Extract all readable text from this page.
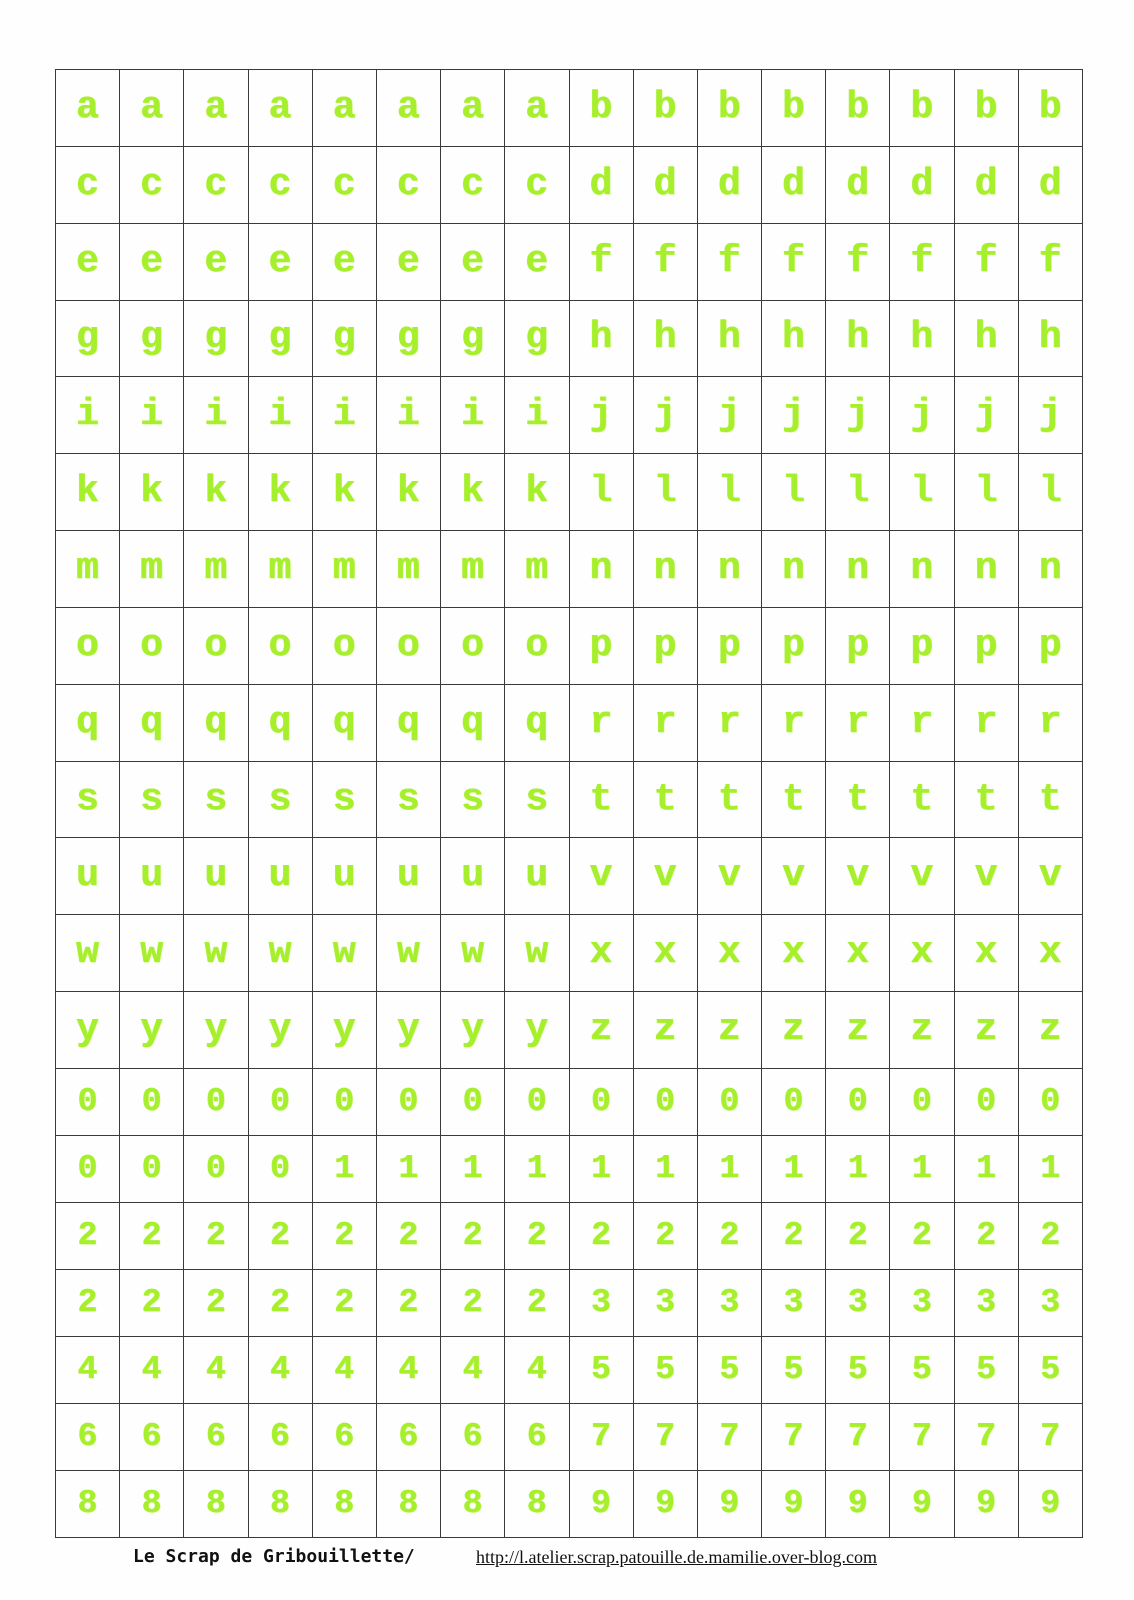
a	a	a	a	a	a	a	a	b	b	b	b	b	b	b	b
c	c	c	c	c	c	c	c	d	d	d	d	d	d	d	d
e	e	e	e	e	e	e	e	f	f	f	f	f	f	f	f
g	g	g	g	g	g	g	g	h	h	h	h	h	h	h	h
i	i	i	i	i	i	i	i	j	j	j	j	j	j	j	j
k	k	k	k	k	k	k	k	l	l	l	l	l	l	l	l
m	m	m	m	m	m	m	m	n	n	n	n	n	n	n	n
o	o	o	o	o	o	o	o	p	p	p	p	p	p	p	p
q	q	q	q	q	q	q	q	r	r	r	r	r	r	r	r
s	s	s	s	s	s	s	s	t	t	t	t	t	t	t	t
u	u	u	u	u	u	u	u	v	v	v	v	v	v	v	v
w	w	w	w	w	w	w	w	x	x	x	x	x	x	x	x
y	y	y	y	y	y	y	y	z	z	z	z	z	z	z	z
0	0	0	0	0	0	0	0	0	0	0	0	0	0	0	0
0	0	0	0	1	1	1	1	1	1	1	1	1	1	1	1
2	2	2	2	2	2	2	2	2	2	2	2	2	2	2	2
2	2	2	2	2	2	2	2	3	3	3	3	3	3	3	3
4	4	4	4	4	4	4	4	5	5	5	5	5	5	5	5
6	6	6	6	6	6	6	6	7	7	7	7	7	7	7	7
8	8	8	8	8	8	8	8	9	9	9	9	9	9	9	9
Le Scrap de Gribouillette/	http://l.atelier.scrap.patouille.de.mamilie.over-blog.com
